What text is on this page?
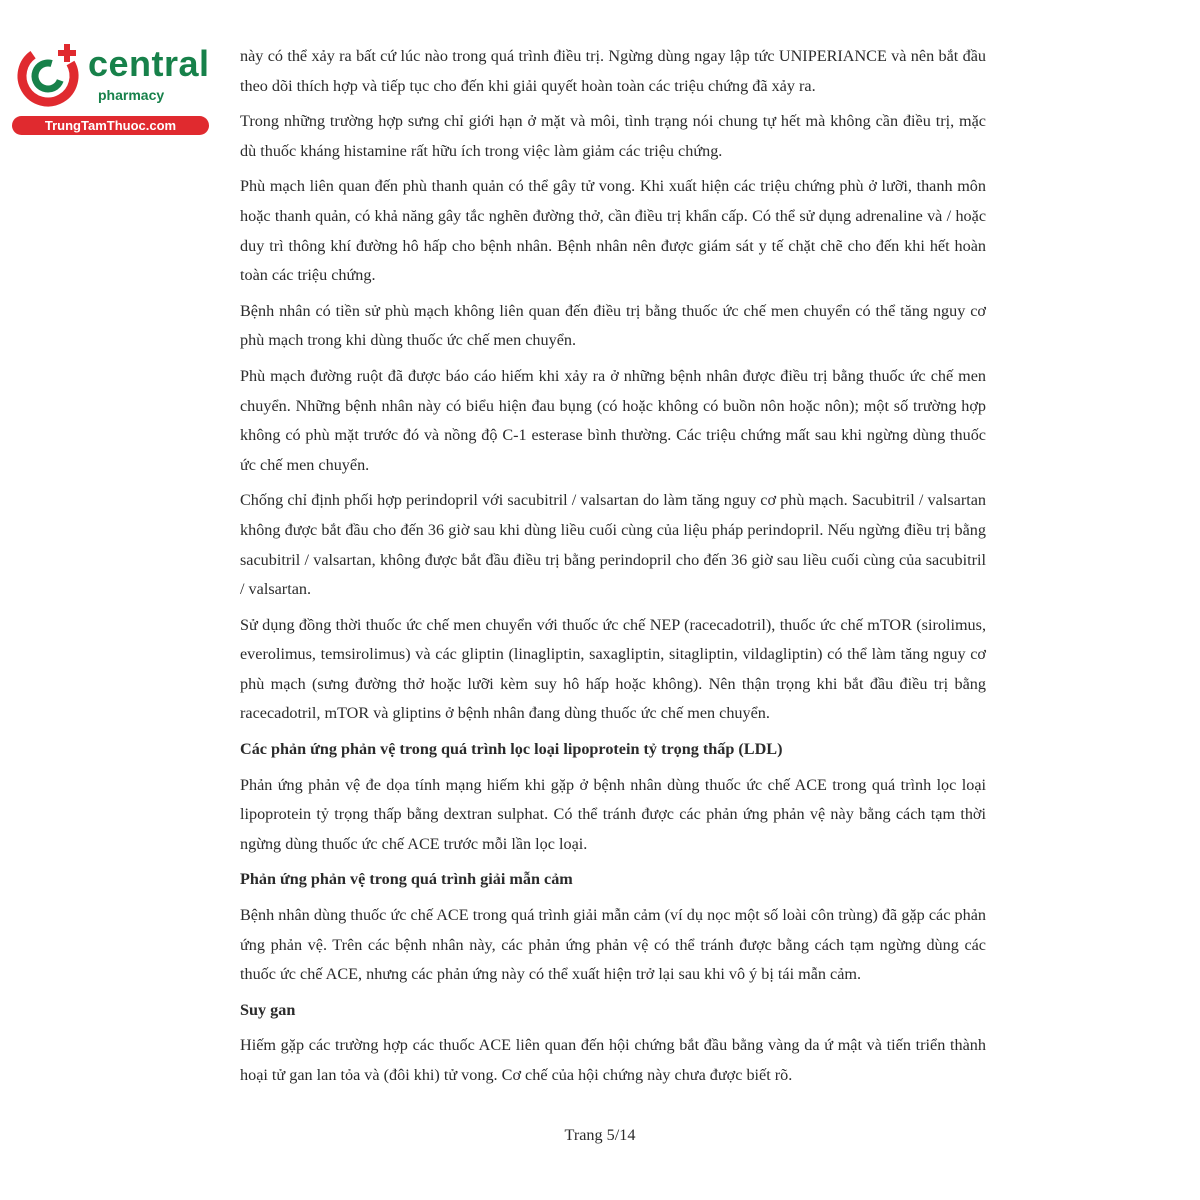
central
pharmacy
TrungTamThuoc.com

này có thể xảy ra bất cứ lúc nào trong quá trình điều trị. Ngừng dùng ngay lập tức UNIPERIANCE và nên bắt đầu theo dõi thích hợp và tiếp tục cho đến khi giải quyết hoàn toàn các triệu chứng đã xảy ra.

Trong những trường hợp sưng chỉ giới hạn ở mặt và môi, tình trạng nói chung tự hết mà không cần điều trị, mặc dù thuốc kháng histamine rất hữu ích trong việc làm giảm các triệu chứng.

Phù mạch liên quan đến phù thanh quản có thể gây tử vong. Khi xuất hiện các triệu chứng phù ở lưỡi, thanh môn hoặc thanh quản, có khả năng gây tắc nghẽn đường thở, cần điều trị khẩn cấp. Có thể sử dụng adrenaline và / hoặc duy trì thông khí đường hô hấp cho bệnh nhân. Bệnh nhân nên được giám sát y tế chặt chẽ cho đến khi hết hoàn toàn các triệu chứng.

Bệnh nhân có tiền sử phù mạch không liên quan đến điều trị bằng thuốc ức chế men chuyển có thể tăng nguy cơ phù mạch trong khi dùng thuốc ức chế men chuyển.

Phù mạch đường ruột đã được báo cáo hiếm khi xảy ra ở những bệnh nhân được điều trị bằng thuốc ức chế men chuyển. Những bệnh nhân này có biểu hiện đau bụng (có hoặc không có buồn nôn hoặc nôn); một số trường hợp không có phù mặt trước đó và nồng độ C-1 esterase bình thường. Các triệu chứng mất sau khi ngừng dùng thuốc ức chế men chuyển.

Chống chỉ định phối hợp perindopril với sacubitril / valsartan do làm tăng nguy cơ phù mạch. Sacubitril / valsartan không được bắt đầu cho đến 36 giờ sau khi dùng liều cuối cùng của liệu pháp perindopril. Nếu ngừng điều trị bằng sacubitril / valsartan, không được bắt đầu điều trị bằng perindopril cho đến 36 giờ sau liều cuối cùng của sacubitril / valsartan.

Sử dụng đồng thời thuốc ức chế men chuyển với thuốc ức chế NEP (racecadotril), thuốc ức chế mTOR (sirolimus, everolimus, temsirolimus) và các gliptin (linagliptin, saxagliptin, sitagliptin, vildagliptin) có thể làm tăng nguy cơ phù mạch (sưng đường thở hoặc lưỡi kèm suy hô hấp hoặc không). Nên thận trọng khi bắt đầu điều trị bằng racecadotril, mTOR và gliptins ở bệnh nhân đang dùng thuốc ức chế men chuyển.

Các phản ứng phản vệ trong quá trình lọc loại lipoprotein tỷ trọng thấp (LDL)

Phản ứng phản vệ đe dọa tính mạng hiếm khi gặp ở bệnh nhân dùng thuốc ức chế ACE trong quá trình lọc loại lipoprotein tỷ trọng thấp bằng dextran sulphat. Có thể tránh được các phản ứng phản vệ này bằng cách tạm thời ngừng dùng thuốc ức chế ACE trước mỗi lần lọc loại.

Phản ứng phản vệ trong quá trình giải mẫn cảm

Bệnh nhân dùng thuốc ức chế ACE trong quá trình giải mẫn cảm (ví dụ nọc một số loài côn trùng) đã gặp các phản ứng phản vệ. Trên các bệnh nhân này, các phản ứng phản vệ có thể tránh được bằng cách tạm ngừng dùng các thuốc ức chế ACE, nhưng các phản ứng này có thể xuất hiện trở lại sau khi vô ý bị tái mẫn cảm.

Suy gan

Hiếm gặp các trường hợp các thuốc ACE liên quan đến hội chứng bắt đầu bằng vàng da ứ mật và tiến triển thành hoại tử gan lan tỏa và (đôi khi) tử vong. Cơ chế của hội chứng này chưa được biết rõ.

Trang 5/14
